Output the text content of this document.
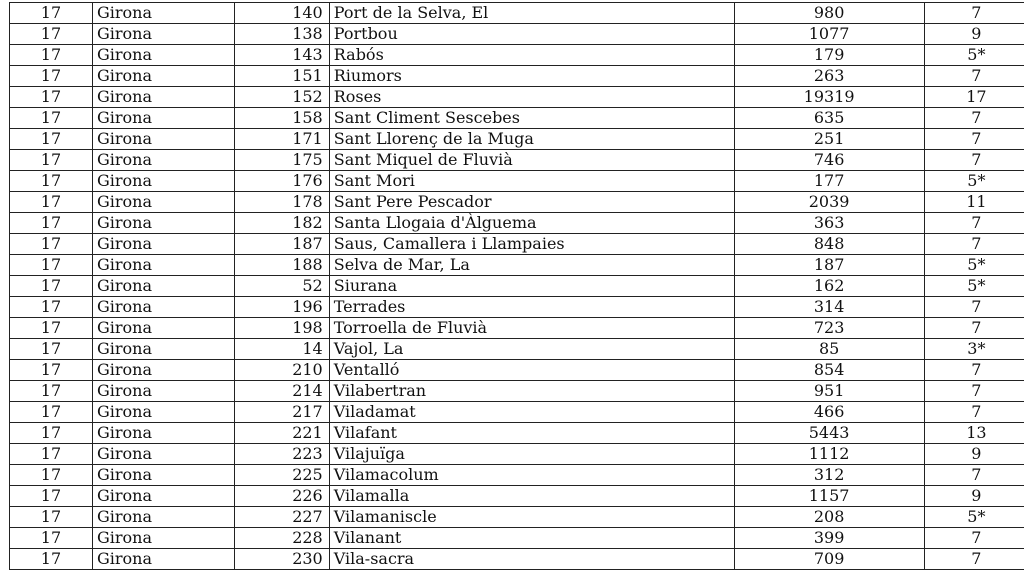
17	Girona	140	Port de la Selva, El	980	7
17	Girona	138	Portbou	1077	9
17	Girona	143	Rabós	179	5*
17	Girona	151	Riumors	263	7
17	Girona	152	Roses	19319	17
17	Girona	158	Sant Climent Sescebes	635	7
17	Girona	171	Sant Llorenç de la Muga	251	7
17	Girona	175	Sant Miquel de Fluvià	746	7
17	Girona	176	Sant Mori	177	5*
17	Girona	178	Sant Pere Pescador	2039	11
17	Girona	182	Santa Llogaia d'Àlguema	363	7
17	Girona	187	Saus, Camallera i Llampaies	848	7
17	Girona	188	Selva de Mar, La	187	5*
17	Girona	52	Siurana	162	5*
17	Girona	196	Terrades	314	7
17	Girona	198	Torroella de Fluvià	723	7
17	Girona	14	Vajol, La	85	3*
17	Girona	210	Ventalló	854	7
17	Girona	214	Vilabertran	951	7
17	Girona	217	Viladamat	466	7
17	Girona	221	Vilafant	5443	13
17	Girona	223	Vilajuïga	1112	9
17	Girona	225	Vilamacolum	312	7
17	Girona	226	Vilamalla	1157	9
17	Girona	227	Vilamaniscle	208	5*
17	Girona	228	Vilanant	399	7
17	Girona	230	Vila-sacra	709	7
